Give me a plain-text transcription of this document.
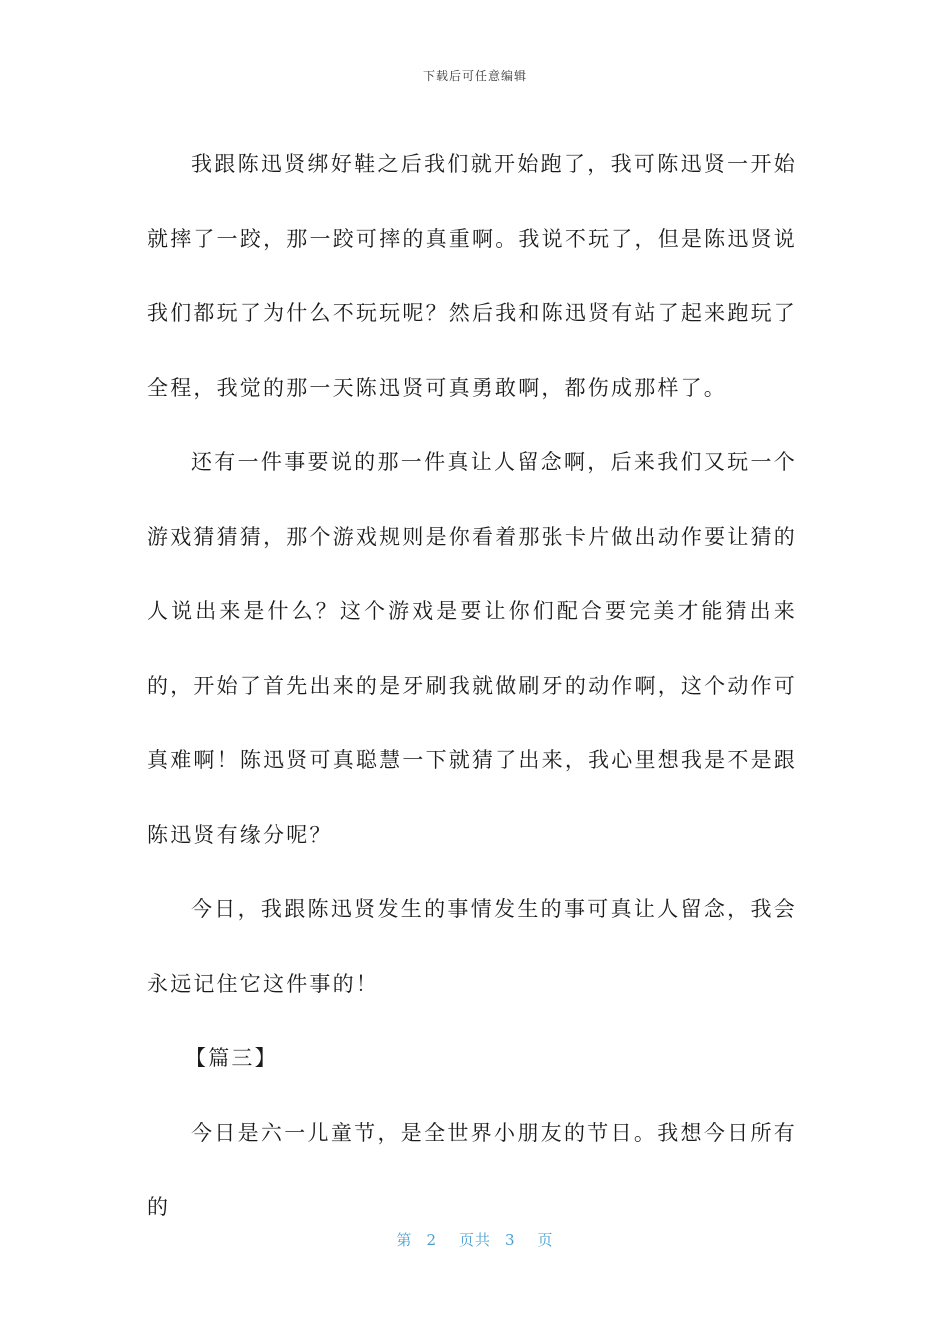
下载后可任意编辑

我跟陈迅贤绑好鞋之后我们就开始跑了，我可陈迅贤一开始就摔了一跤，那一跤可摔的真重啊。我说不玩了，但是陈迅贤说我们都玩了为什么不玩玩呢？然后我和陈迅贤有站了起来跑玩了全程，我觉的那一天陈迅贤可真勇敢啊，都伤成那样了。

还有一件事要说的那一件真让人留念啊，后来我们又玩一个游戏猜猜猜，那个游戏规则是你看着那张卡片做出动作要让猜的人说出来是什么？这个游戏是要让你们配合要完美才能猜出来的，开始了首先出来的是牙刷我就做刷牙的动作啊，这个动作可真难啊！陈迅贤可真聪慧一下就猜了出来，我心里想我是不是跟陈迅贤有缘分呢？

今日，我跟陈迅贤发生的事情发生的事可真让人留念，我会永远记住它这件事的！

【篇三】

今日是六一儿童节，是全世界小朋友的节日。我想今日所有的

第 2 页共 3 页
